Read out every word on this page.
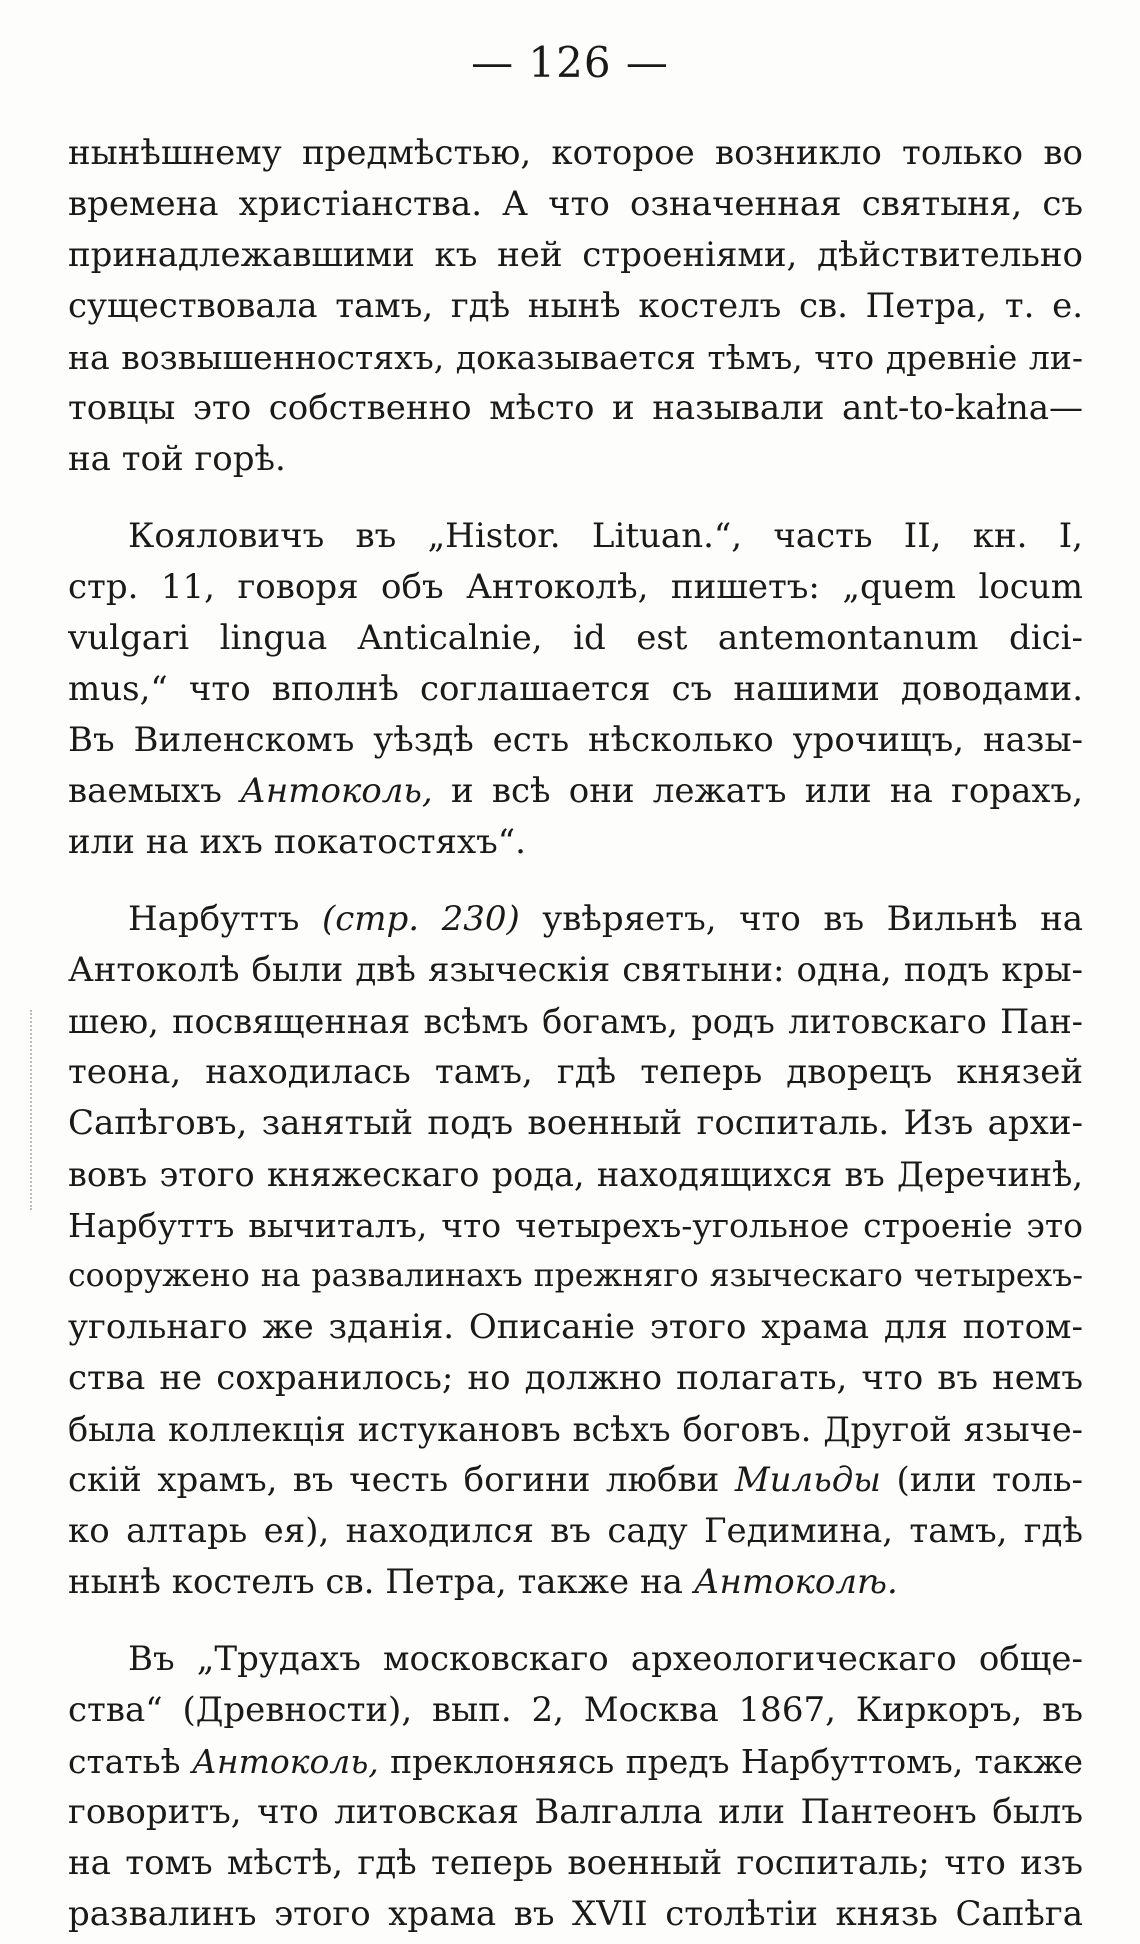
— 126 —
нынѣшнему предмѣстью, которое возникло только во
времена христіанства. А что означенная святыня, съ
принадлежавшими къ ней строеніями, дѣйствительно
существовала тамъ, гдѣ нынѣ костелъ св. Петра, т. е.
на возвышенностяхъ, доказывается тѣмъ, что древніе ли-
товцы это собственно мѣсто и называли ant-to-kałna—
на той горѣ.
Кояловичъ въ „Histor. Lituan.“, часть II, кн. I,
стр. 11, говоря объ Антоколѣ, пишетъ: „quem locum
vulgari lingua Anticalnie, id est antemontanum dici-
mus,“ что вполнѣ соглашается съ нашими доводами.
Въ Виленскомъ уѣздѣ есть нѣсколько урочищъ, назы-
ваемыхъ Антоколь, и всѣ они лежатъ или на горахъ,
или на ихъ покатостяхъ“.
Нарбуттъ (стр. 230) увѣряетъ, что въ Вильнѣ на
Антоколѣ были двѣ языческія святыни: одна, подъ кры-
шею, посвященная всѣмъ богамъ, родъ литовскаго Пан-
теона, находилась тамъ, гдѣ теперь дворецъ князей
Сапѣговъ, занятый подъ военный госпиталь. Изъ архи-
вовъ этого княжескаго рода, находящихся въ Деречинѣ,
Нарбуттъ вычиталъ, что четырехъ-угольное строеніе это
сооружено на развалинахъ прежняго языческаго четырехъ-
угольнаго же зданія. Описаніе этого храма для потом-
ства не сохранилось; но должно полагать, что въ немъ
была коллекція истукановъ всѣхъ боговъ. Другой языче-
скій храмъ, въ честь богини любви Мильды (или толь-
ко алтарь ея), находился въ саду Гедимина, тамъ, гдѣ
нынѣ костелъ св. Петра, также на Антоколѣ.
Въ „Трудахъ московскаго археологическаго обще-
ства“ (Древности), вып. 2, Москва 1867, Киркоръ, въ
статьѣ Антоколь, преклоняясь предъ Нарбуттомъ, также
говоритъ, что литовская Валгалла или Пантеонъ былъ
на томъ мѣстѣ, гдѣ теперь военный госпиталь; что изъ
развалинъ этого храма въ XVII столѣтіи князь Сапѣга
